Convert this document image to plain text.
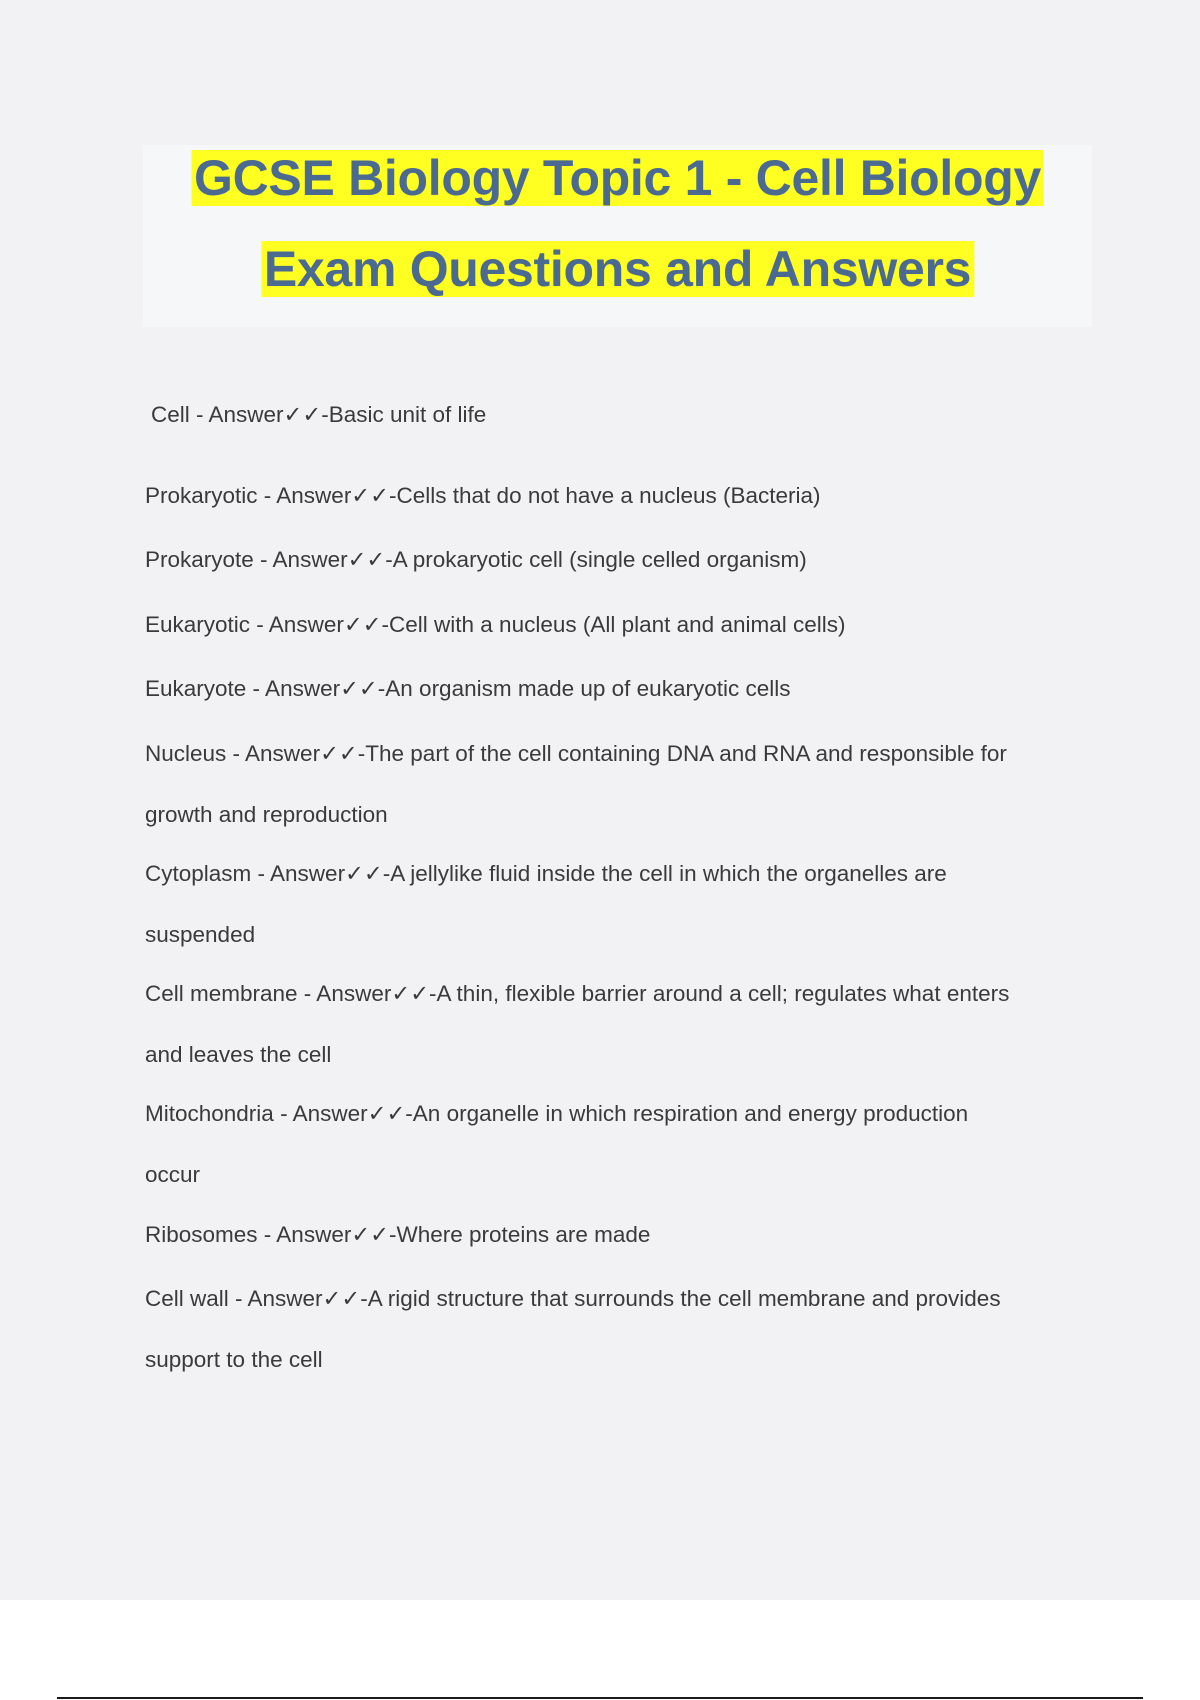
GCSE Biology Topic 1 - Cell Biology
Exam Questions and Answers
Cell - Answer✓✓-Basic unit of life
Prokaryotic - Answer✓✓-Cells that do not have a nucleus (Bacteria)
Prokaryote - Answer✓✓-A prokaryotic cell (single celled organism)
Eukaryotic - Answer✓✓-Cell with a nucleus (All plant and animal cells)
Eukaryote - Answer✓✓-An organism made up of eukaryotic cells
Nucleus - Answer✓✓-The part of the cell containing DNA and RNA and responsible for
growth and reproduction
Cytoplasm - Answer✓✓-A jellylike fluid inside the cell in which the organelles are
suspended
Cell membrane - Answer✓✓-A thin, flexible barrier around a cell; regulates what enters
and leaves the cell
Mitochondria - Answer✓✓-An organelle in which respiration and energy production
occur
Ribosomes - Answer✓✓-Where proteins are made
Cell wall - Answer✓✓-A rigid structure that surrounds the cell membrane and provides
support to the cell
